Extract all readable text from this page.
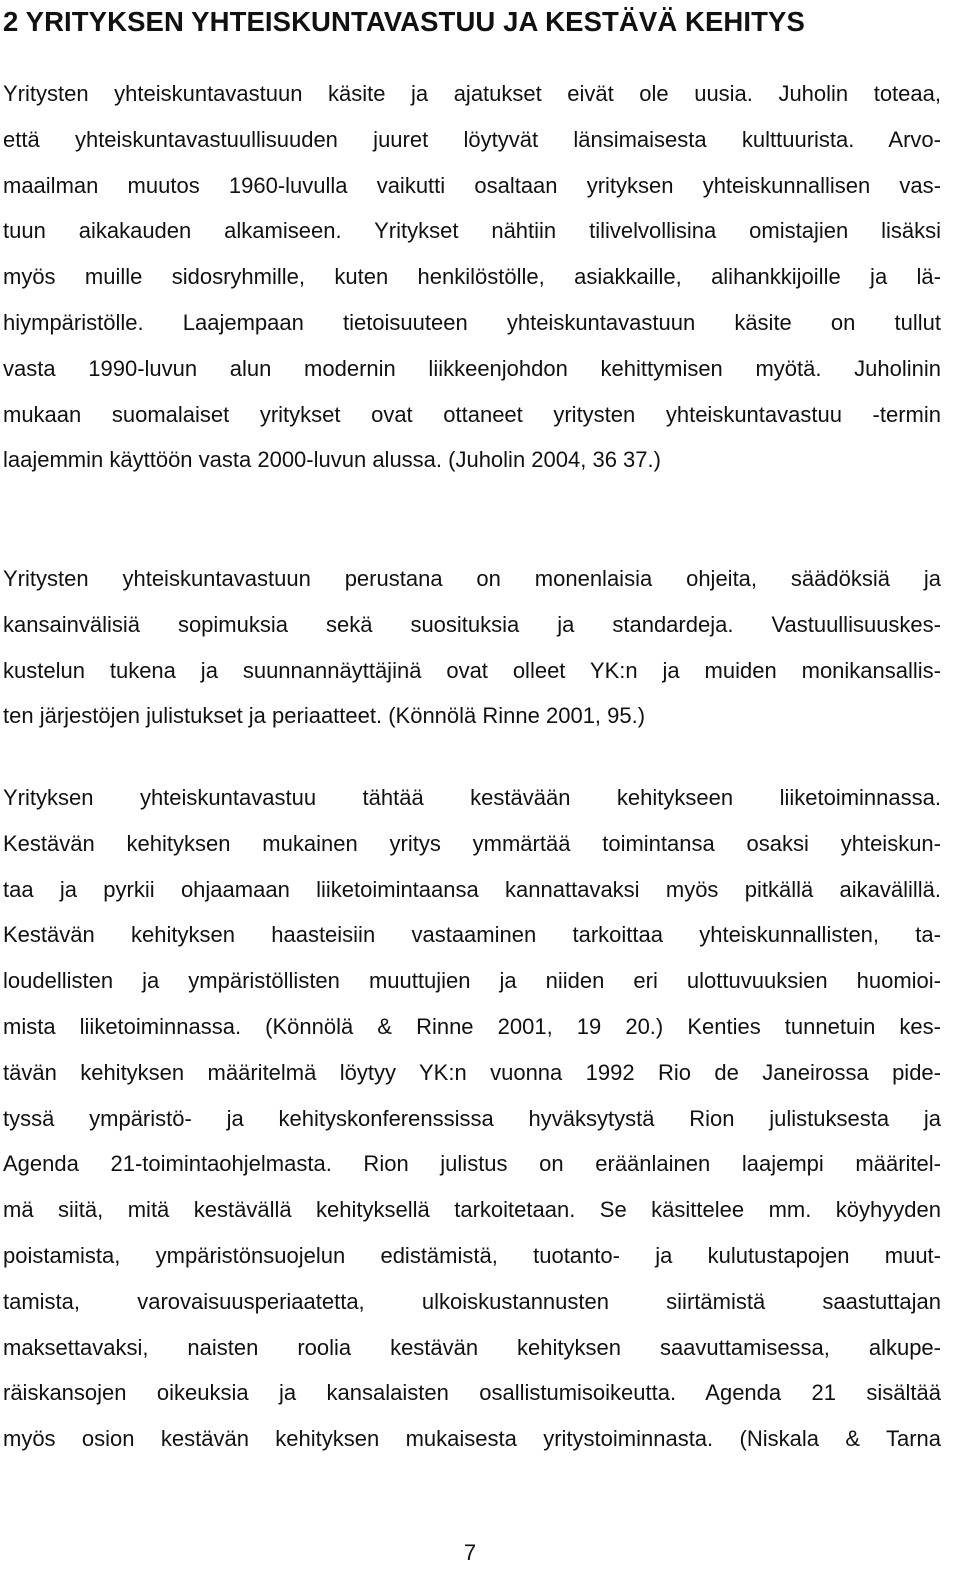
2 YRITYKSEN YHTEISKUNTAVASTUU JA KESTÄVÄ KEHITYS
Yritysten yhteiskuntavastuun käsite ja ajatukset eivät ole uusia. Juholin toteaa,
että yhteiskuntavastuullisuuden juuret löytyvät länsimaisesta kulttuurista. Arvo-
maailman muutos 1960-luvulla vaikutti osaltaan yrityksen yhteiskunnallisen vas-
tuun aikakauden alkamiseen. Yritykset nähtiin tilivelvollisina omistajien lisäksi
myös muille sidosryhmille, kuten henkilöstölle, asiakkaille, alihankkijoille ja lä-
hiympäristölle. Laajempaan tietoisuuteen yhteiskuntavastuun käsite on tullut
vasta 1990-luvun alun modernin liikkeenjohdon kehittymisen myötä. Juholinin
mukaan suomalaiset yritykset ovat ottaneet yritysten yhteiskuntavastuu -termin
laajemmin käyttöön vasta 2000-luvun alussa. (Juholin 2004, 36 37.)
Yritysten yhteiskuntavastuun perustana on monenlaisia ohjeita, säädöksiä ja
kansainvälisiä sopimuksia sekä suosituksia ja standardeja. Vastuullisuuskes-
kustelun tukena ja suunnannäyttäjinä ovat olleet YK:n ja muiden monikansallis-
ten järjestöjen julistukset ja periaatteet. (Könnölä Rinne 2001, 95.)
Yrityksen yhteiskuntavastuu tähtää kestävään kehitykseen liiketoiminnassa.
Kestävän kehityksen mukainen yritys ymmärtää toimintansa osaksi yhteiskun-
taa ja pyrkii ohjaamaan liiketoimintaansa kannattavaksi myös pitkällä aikavälillä.
Kestävän kehityksen haasteisiin vastaaminen tarkoittaa yhteiskunnallisten, ta-
loudellisten ja ympäristöllisten muuttujien ja niiden eri ulottuvuuksien huomioi-
mista liiketoiminnassa. (Könnölä & Rinne 2001, 19 20.) Kenties tunnetuin kes-
tävän kehityksen määritelmä löytyy YK:n vuonna 1992 Rio de Janeirossa pide-
tyssä ympäristö- ja kehityskonferenssissa hyväksytystä Rion julistuksesta ja
Agenda 21-toimintaohjelmasta. Rion julistus on eräänlainen laajempi määritel-
mä siitä, mitä kestävällä kehityksellä tarkoitetaan. Se käsittelee mm. köyhyyden
poistamista, ympäristönsuojelun edistämistä, tuotanto- ja kulutustapojen muut-
tamista, varovaisuusperiaatetta, ulkoiskustannusten siirtämistä saastuttajan
maksettavaksi, naisten roolia kestävän kehityksen saavuttamisessa, alkupe-
räiskansojen oikeuksia ja kansalaisten osallistumisoikeutta. Agenda 21 sisältää
myös osion kestävän kehityksen mukaisesta yritystoiminnasta. (Niskala & Tarna
7
